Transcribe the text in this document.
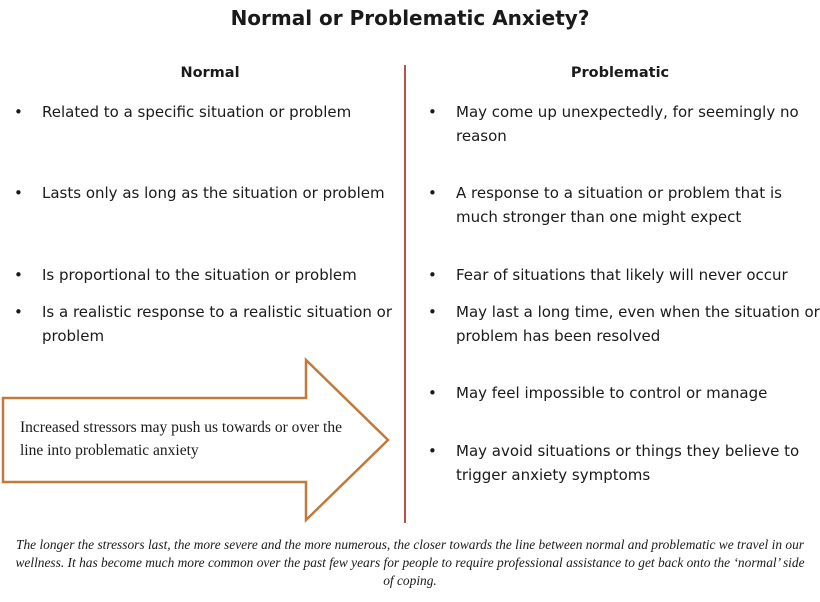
Normal or Problematic Anxiety?
Normal	Problematic
•	Related to a specific situation or problem
•	Lasts only as long as the situation or problem
•	Is proportional to the situation or problem
•	Is a realistic response to a realistic situation or problem
•	May come up unexpectedly, for seemingly no reason
•	A response to a situation or problem that is much stronger than one might expect
•	Fear of situations that likely will never occur
•	May last a long time, even when the situation or problem has been resolved
•	May feel impossible to control or manage
•	May avoid situations or things they believe to trigger anxiety symptoms
Increased stressors may push us towards or over the line into problematic anxiety
The longer the stressors last, the more severe and the more numerous, the closer towards the line between normal and problematic we travel in our wellness. It has become much more common over the past few years for people to require professional assistance to get back onto the ‘normal’ side of coping.
